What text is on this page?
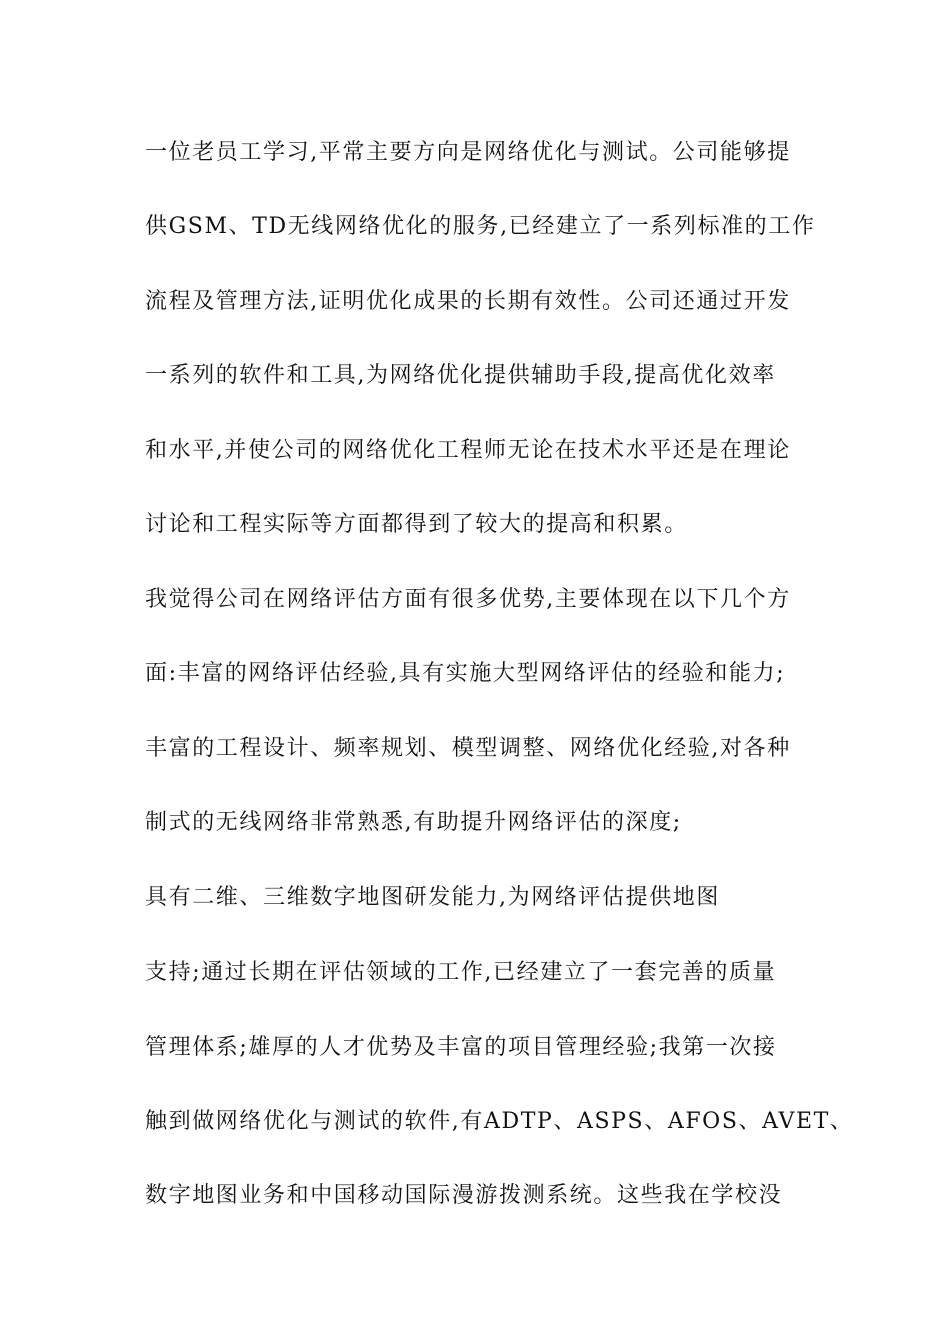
一位老员工学习,平常主要方向是网络优化与测试。公司能够提

供GSM、TD无线网络优化的服务,已经建立了一系列标准的工作

流程及管理方法,证明优化成果的长期有效性。公司还通过开发

一系列的软件和工具,为网络优化提供辅助手段,提高优化效率

和水平,并使公司的网络优化工程师无论在技术水平还是在理论

讨论和工程实际等方面都得到了较大的提高和积累。

我觉得公司在网络评估方面有很多优势,主要体现在以下几个方

面:丰富的网络评估经验,具有实施大型网络评估的经验和能力;

丰富的工程设计、频率规划、模型调整、网络优化经验,对各种

制式的无线网络非常熟悉,有助提升网络评估的深度;

具有二维、三维数字地图研发能力,为网络评估提供地图

支持;通过长期在评估领域的工作,已经建立了一套完善的质量

管理体系;雄厚的人才优势及丰富的项目管理经验;我第一次接

触到做网络优化与测试的软件,有ADTP、ASPS、AFOS、AVET、

数字地图业务和中国移动国际漫游拨测系统。这些我在学校没
